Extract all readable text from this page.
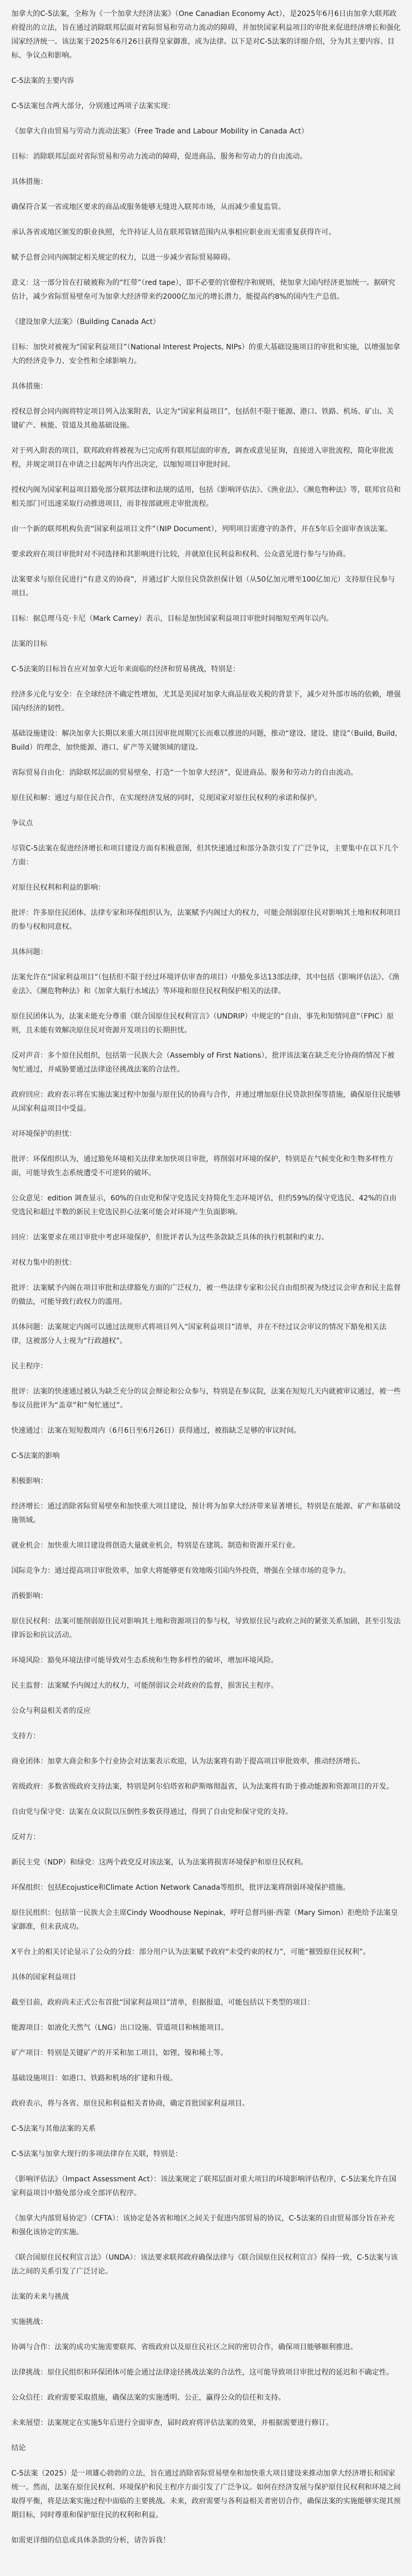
加拿大的C-5法案，全称为《一个加拿大经济法案》（One Canadian Economy Act），是2025年6月6日由加拿大联邦政府提出的立法，旨在通过消除联邦层面对省际贸易和劳动力流动的障碍，并加快国家利益项目的审批来促进经济增长和强化国家经济统一。该法案于2025年6月26日获得皇家御准，成为法律。以下是对C-5法案的详细介绍，分为其主要内容、目标、争议点和影响。

C-5法案的主要内容

C-5法案包含两大部分，分别通过两项子法案实现：

《加拿大自由贸易与劳动力流动法案》（Free Trade and Labour Mobility in Canada Act）

目标：消除联邦层面对省际贸易和劳动力流动的障碍，促进商品、服务和劳动力的自由流动。

具体措施：

确保符合某一省或地区要求的商品或服务能够无缝进入联邦市场，从而减少重复监管。

承认各省或地区颁发的职业执照，允许持证人员在联邦管辖范围内从事相应职业而无需重复获得许可。

赋予总督会同内阁制定相关规定的权力，以进一步减少省际贸易障碍。

意义：这一部分旨在打破被称为的“红带”（red tape），即不必要的官僚程序和规则，使加拿大国内经济更加统一。据研究估计，减少省际贸易壁垒可为加拿大经济带来约2000亿加元的增长潜力，能提高约8%的国内生产总值。

《建设加拿大法案》（Building Canada Act）

目标：加快对被视为“国家利益项目”（National Interest Projects, NIPs）的重大基础设施项目的审批和实施，以增强加拿大的经济竞争力、安全性和全球影响力。

具体措施：

授权总督会同内阁将特定项目列入法案附表，认定为“国家利益项目”，包括但不限于能源、港口、铁路、机场、矿山、关键矿产、核能、管道及其他基础设施。

对于列入附表的项目，联邦政府将被视为已完成所有联邦层面的审查，调查或意见征询，直接进入审批流程，简化审批流程，并规定项目在申请之日起两年内作出决定，以缩短项目审批时间。

授权内阁为国家利益项目豁免部分联邦法律和法规的适用，包括《影响评估法》、《渔业法》、《濒危物种法》等，联邦官员和相关部门可迅速采取行动推进项目，而非按部就班走审批流程。

由一个新的联邦机构负责“国家利益项目文件”（NIP Document），列明项目需遵守的条件，并在5年后全面审查该法案。

要求政府在项目审批时对不同选择和其影响进行比较，并就原住民利益和权利、公众意见进行参与与协商。

法案要求与原住民进行“有意义的协商”，并通过扩大原住民贷款担保计划（从50亿加元增至100亿加元）支持原住民参与项目。

目标：据总理马克·卡尼（Mark Carney）表示，目标是加快国家利益项目审批时间缩短至两年以内。

法案的目标

C-5法案的目标旨在应对加拿大近年来面临的经济和贸易挑战，特别是：

经济多元化与安全：在全球经济不确定性增加，尤其是美国对加拿大商品征收关税的背景下，减少对外部市场的依赖，增强国内经济的韧性。

基础设施建设：解决加拿大长期以来重大项目因审批周期冗长而难以推进的问题，推动“建设、建设、建设”（Build, Build, Build）的理念，加快能源、港口、矿产等关键领域的建设。

省际贸易自由化：消除联邦层面的贸易壁垒，打造“一个加拿大经济”，促进商品、服务和劳动力的自由流动。

原住民和解：通过与原住民合作，在实现经济发展的同时，兑现国家对原住民权利的承诺和保护。

争议点

尽管C-5法案在促进经济增长和项目建设方面有积极意图，但其快速通过和部分条款引发了广泛争议，主要集中在以下几个方面：

对原住民权利和利益的影响：

批评：许多原住民团体、法律专家和环保组织认为，法案赋予内阁过大的权力，可能会削弱原住民对影响其土地和权利项目的参与权和同意权。

具体问题：

法案允许在“国家利益项目”（包括但不限于经过环境评估审查的项目）中豁免多达13部法律，其中包括《影响评估法》、《渔业法》、《濒危物种法》和《加拿大航行水域法》等环境和原住民权利保护相关的法律。

原住民团体认为，法案未能充分尊重《联合国原住民权利宣言》（UNDRIP）中规定的“自由、事先和知情同意”（FPIC）原则，且未能有效解决原住民对资源开发项目的长期担忧。

反对声音：多个原住民组织，包括第一民族大会（Assembly of First Nations），批评该法案在缺乏充分协商的情况下被匆忙通过，并威胁要通过法律途径挑战法案的合法性。

政府回应：政府表示将在实施法案过程中加强与原住民的协商与合作，并通过增加原住民贷款担保等措施，确保原住民能够从国家利益项目中受益。

对环境保护的担忧：

批评：环保组织认为，通过豁免环境相关法律来加快项目审批，将削弱对环境的保护，特别是在气候变化和生物多样性方面，可能导致生态系统遭受不可逆转的破坏。

公众意见：edition 调查显示，60%的自由党和保守党选民支持简化生态环境评估，但约59%的保守党选民、42%的自由党选民和超过半数的新民主党选民担心法案可能会对环境产生负面影响。

回应：法案要求在项目审批中考虑环境保护，但批评者认为这些条款缺乏具体的执行机制和约束力。

对权力集中的担忧：

批评：法案赋予内阁在项目审批和法律豁免方面的广泛权力，被一些法律专家和公民自由组织视为绕过议会审查和民主监督的做法，可能导致行政权力的滥用。

具体问题：法案规定内阁可以通过法规形式将项目列入“国家利益项目”清单，并在不经过议会审议的情况下豁免相关法律，这被部分人士视为“行政越权”。

民主程序：

批评：法案的快速通过被认为缺乏充分的议会辩论和公众参与，特别是在参议院，法案在短短几天内就被审议通过，被一些参议员批评为“盖章”和“匆忙通过”。

快速通过：法案在短短数周内（6月6日至6月26日）获得通过，被指缺乏足够的审议时间。

C-5法案的影响

积极影响：

经济增长：通过消除省际贸易壁垒和加快重大项目建设，预计将为加拿大经济带来显著增长，特别是在能源、矿产和基础设施领域。

就业机会：加快重大项目建设将创造大量就业机会，特别是在建筑、制造和资源开采行业。

国际竞争力：通过提高项目审批效率，加拿大将能够更有效地吸引国内外投资，增强在全球市场的竞争力。

消极影响：

原住民权利：法案可能削弱原住民对影响其土地和资源项目的参与权，导致原住民与政府之间的紧张关系加剧，甚至引发法律诉讼和抗议活动。

环境风险：豁免环境法律可能导致对生态系统和生物多样性的破坏，增加环境风险。

民主监督：法案赋予内阁过大的权力，可能削弱议会对政府的监督，损害民主程序。

公众与利益相关者的反应

支持方：

商业团体：加拿大商会和多个行业协会对法案表示欢迎，认为法案将有助于提高项目审批效率，推动经济增长。

省级政府：多数省级政府支持法案，特别是阿尔伯塔省和萨斯喀彻温省，认为法案将有助于推动能源和资源项目的开发。

自由党与保守党：法案在众议院以压倒性多数获得通过，得到了自由党和保守党的支持。

反对方：

新民主党（NDP）和绿党：这两个政党反对该法案，认为法案将损害环境保护和原住民权利。

环保组织：包括Ecojustice和Climate Action Network Canada等组织，批评法案将削弱环境保护措施。

原住民组织：包括第一民族大会主席Cindy Woodhouse Nepinak，呼吁总督玛丽·西蒙（Mary Simon）拒绝给予法案皇家御准，但未获成功。

X平台上的相关讨论显示了公众的分歧：部分用户认为法案赋予政府“未受约束的权力”，可能“摧毁原住民权利”。

具体的国家利益项目

截至目前，政府尚未正式公布首批“国家利益项目”清单，但据报道，可能包括以下类型的项目：

能源项目：如液化天然气（LNG）出口设施、管道项目和核能项目。

矿产项目：特别是关键矿产的开采和加工项目，如锂、镍和稀土等。

基础设施项目：如港口、铁路和机场的扩建和升级。

政府表示，将与各省、原住民和利益相关者协商，确定首批国家利益项目。

C-5法案与其他法案的关系

C-5法案与加拿大现行的多项法律存在关联，特别是：

《影响评估法》（Impact Assessment Act）：该法案规定了联邦层面对重大项目的环境影响评估程序，C-5法案允许在国家利益项目中豁免部分或全部评估程序。

《加拿大内部贸易协定》（CFTA）：该协定是各省和地区之间关于促进内部贸易的协议，C-5法案的自由贸易部分旨在补充和强化该协定的实施。

《联合国原住民权利宣言法》（UNDA）：该法要求联邦政府确保法律与《联合国原住民权利宣言》保持一致，C-5法案与该法之间的关系引发了广泛讨论。

法案的未来与挑战

实施挑战：

协调与合作：法案的成功实施需要联邦、省级政府以及原住民社区之间的密切合作，确保项目能够顺利推进。

法律挑战：原住民组织和环保团体可能会通过法律途径挑战法案的合法性，这可能导致项目审批过程的延迟和不确定性。

公众信任：政府需要采取措施，确保法案的实施透明、公正，赢得公众的信任和支持。

未来展望：法案规定在实施5年后进行全面审查，届时政府将评估法案的效果，并根据需要进行修订。

结论

C-5法案（2025）是一项雄心勃勃的立法，旨在通过消除省际贸易壁垒和加快重大项目建设来推动加拿大经济增长和国家统一。然而，法案在原住民权利、环境保护和民主程序方面引发了广泛争议。如何在经济发展与保护原住民权利和环境之间取得平衡，将是法案实施过程中面临的主要挑战。未来，政府需要与各利益相关者密切合作，确保法案的实施能够实现其预期目标，同时尊重和保护原住民的权利和利益。

如需更详细的信息或具体条款的分析，请告诉我！
